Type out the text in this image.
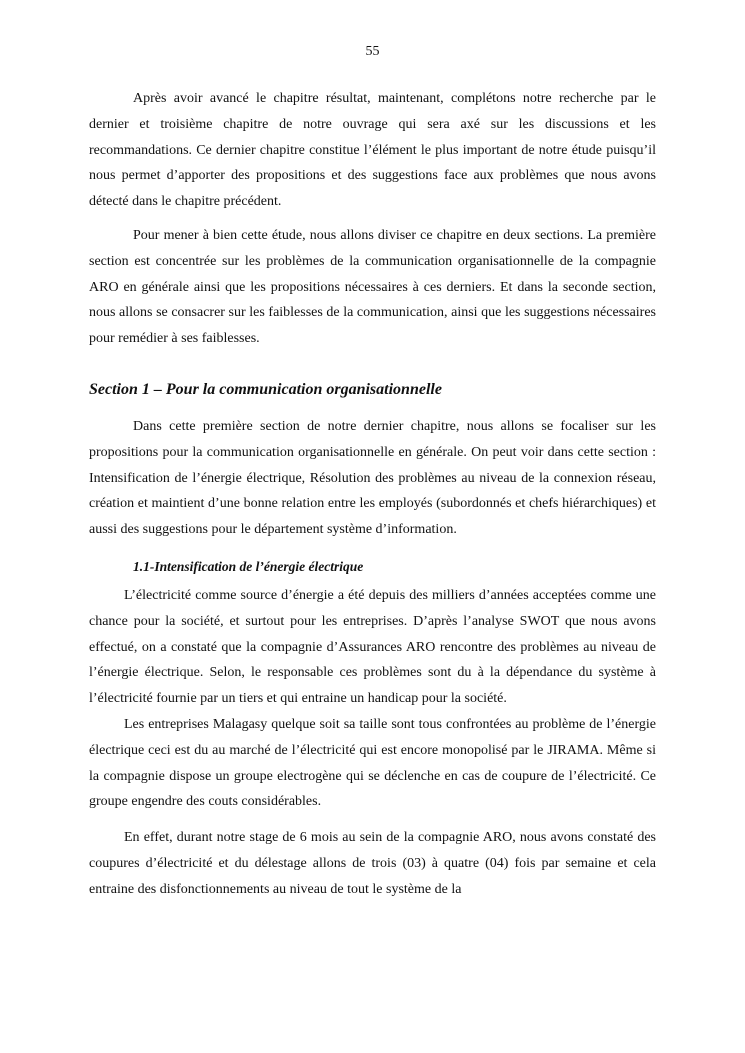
55

Après avoir avancé le chapitre résultat, maintenant, complétons notre recherche par le dernier et troisième chapitre de notre ouvrage qui sera axé sur les discussions et les recommandations. Ce dernier chapitre constitue l’élément le plus important de notre étude puisqu’il nous permet d’apporter des propositions et des suggestions face aux problèmes que nous avons détecté dans le chapitre précédent.

Pour mener à bien cette étude, nous allons diviser ce chapitre en deux sections. La première section est concentrée sur les problèmes de la communication organisationnelle de la compagnie ARO en générale ainsi que les propositions nécessaires à ces derniers. Et dans la seconde section, nous allons se consacrer sur les faiblesses de la communication, ainsi que les suggestions nécessaires pour remédier à ses faiblesses.

Section 1 – Pour la communication organisationnelle

Dans cette première section de notre dernier chapitre, nous allons se focaliser sur les propositions pour la communication organisationnelle en générale. On peut voir dans cette section : Intensification de l’énergie électrique, Résolution des problèmes au niveau de la connexion réseau, création et maintient d’une bonne relation entre les employés (subordonnés et chefs hiérarchiques) et aussi des suggestions pour le département système d’information.

1.1-Intensification de l’énergie électrique

L’électricité comme source d’énergie a été depuis des milliers d’années acceptées comme une chance pour la société, et surtout pour les entreprises. D’après l’analyse SWOT que nous avons effectué, on a constaté que la compagnie d’Assurances ARO rencontre des problèmes au niveau de l’énergie électrique. Selon, le responsable ces problèmes sont du à la dépendance du système à l’électricité fournie par un tiers et qui entraine un handicap pour la société.

Les entreprises Malagasy quelque soit sa taille sont tous confrontées au problème de l’énergie électrique ceci est du au marché de l’électricité qui est encore monopolisé par le JIRAMA. Même si la compagnie dispose un groupe electrogène qui se déclenche en cas de coupure de l’électricité. Ce groupe engendre des couts considérables.

En effet, durant notre stage de 6 mois au sein de la compagnie ARO, nous avons constaté des coupures d’électricité et du délestage allons de trois (03) à quatre (04) fois par semaine et cela entraine des disfonctionnements au niveau de tout le système de la
